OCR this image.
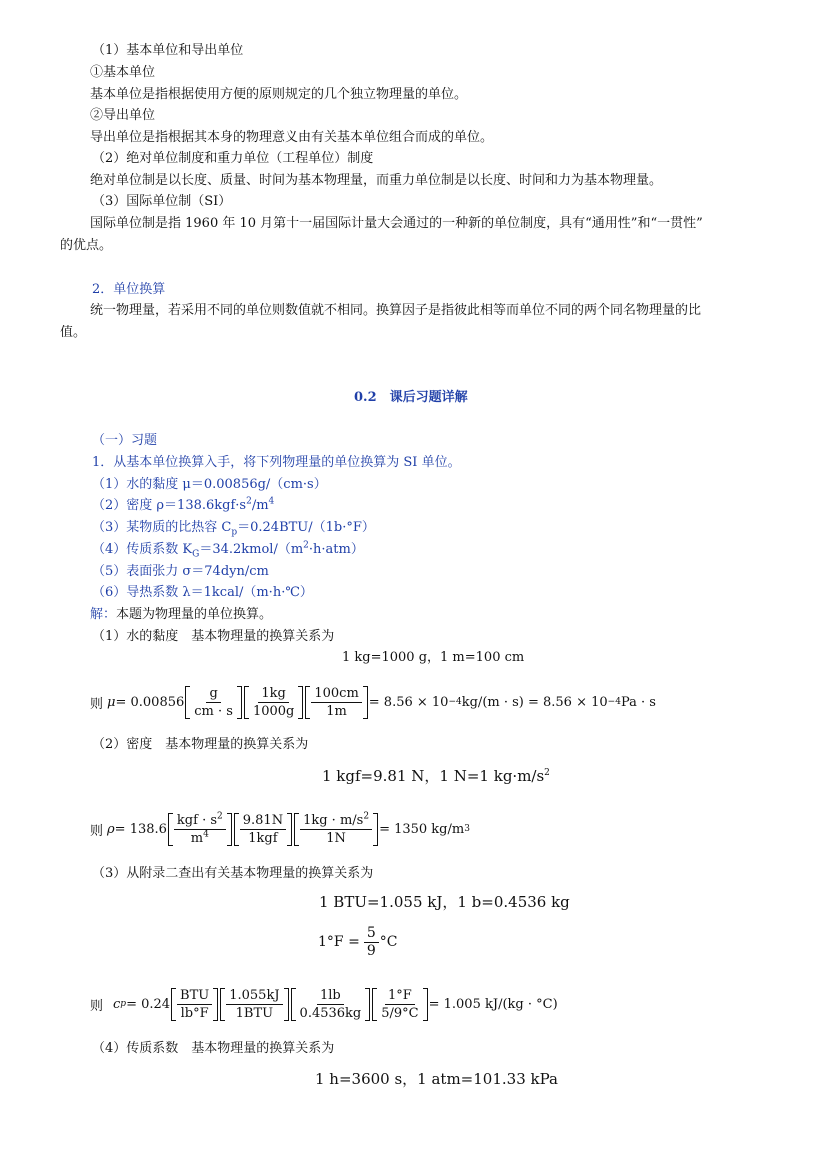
（1）基本单位和导出单位
①基本单位
基本单位是指根据使用方便的原则规定的几个独立物理量的单位。
②导出单位
导出单位是指根据其本身的物理意义由有关基本单位组合而成的单位。
（2）绝对单位制度和重力单位（工程单位）制度
绝对单位制是以长度、质量、时间为基本物理量，而重力单位制是以长度、时间和力为基本物理量。
（3）国际单位制（SI）
国际单位制是指 1960 年 10 月第十一届国际计量大会通过的一种新的单位制度，具有“通用性”和“一贯性”
的优点。
2．单位换算
统一物理量，若采用不同的单位则数值就不相同。换算因子是指彼此相等而单位不同的两个同名物理量的比
值。
0.2　课后习题详解
（一）习题
1．从基本单位换算入手，将下列物理量的单位换算为 SI 单位。
（1）水的黏度 μ＝0.00856g/（cm·s）
（2）密度 $\rho=138.6kgf\cdot s^2/m^4$
（3）某物质的比热容 $C_p=0.24BTU/(1b\cdot^\circ F)$
（4）传质系数 $K_G=34.2kmol/(m^2\cdot h\cdot atm)$
（5）表面张力 σ＝74dyn/cm
（6）导热系数 λ＝1kcal/（m·h·℃）
解：本题为物理量的单位换算。
（1）水的黏度　基本物理量的换算关系为
1 kg=1000 g，1 m=100 cm
则 μ = 0.00856
g
cm · s
1kg
1000g
100cm
1m
= 8.56 × 10 −4 kg/(m · s) = 8.56 × 10 −4 Pa · s
（2）密度　基本物理量的换算关系为
1 kgf=9.81 N，1 N=1 $kg\cdot m/s^2$
则 ρ = 138.6
kgf · $s^2$
$m^4$
9.81N
1kgf
$1kg \cdot m/s^2$
1N
= 1350 kg/m 3
（3）从附录二查出有关基本物理量的换算关系为
1 BTU=1.055 kJ，1 b=0.4536 kg
$1^\circ F = \frac{5}{9} ^\circ C$
则 c p = 0.24
BTU
lb°F
1.055kJ
1BTU
1lb
0.4536kg
1°F
5/9°C
= 1.005 kJ/(kg · °C)
（4）传质系数　基本物理量的换算关系为
1 h=3600 s，1 atm=101.33 kPa
